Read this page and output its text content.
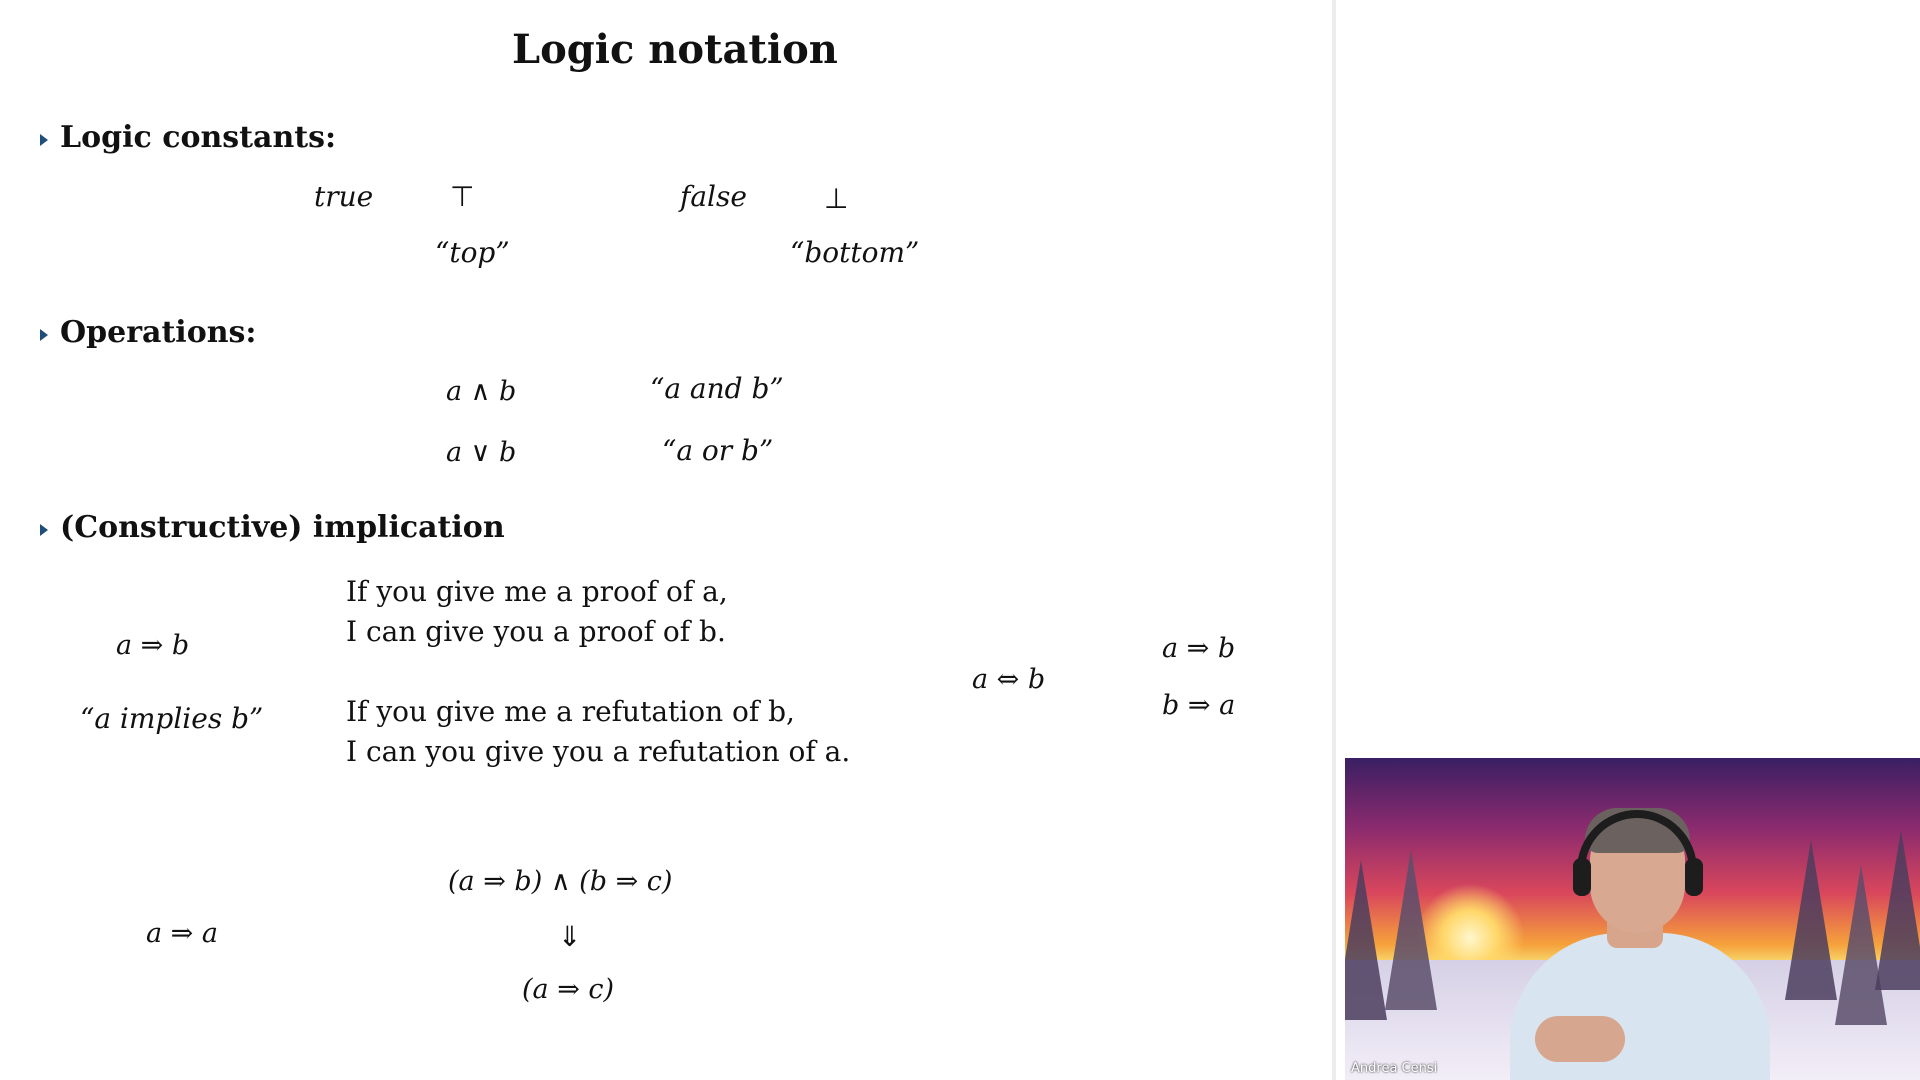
Logic notation
Logic constants:
true	⊤
“top”
false	⊥
“bottom”
Operations:
a ∧ b	“a and b”
a ∨ b	“a or b”
(Constructive) implication
a ⇒ b
“a implies b”
If you give me a proof of a,
I can give you a proof of b.
If you give me a refutation of b,
I can you give you a refutation of a.
a ⇔ b
a ⇒ b
b ⇒ a
a ⇒ a
(a ⇒ b) ∧ (b ⇒ c)
⇓
(a ⇒ c)
Andrea Censi
